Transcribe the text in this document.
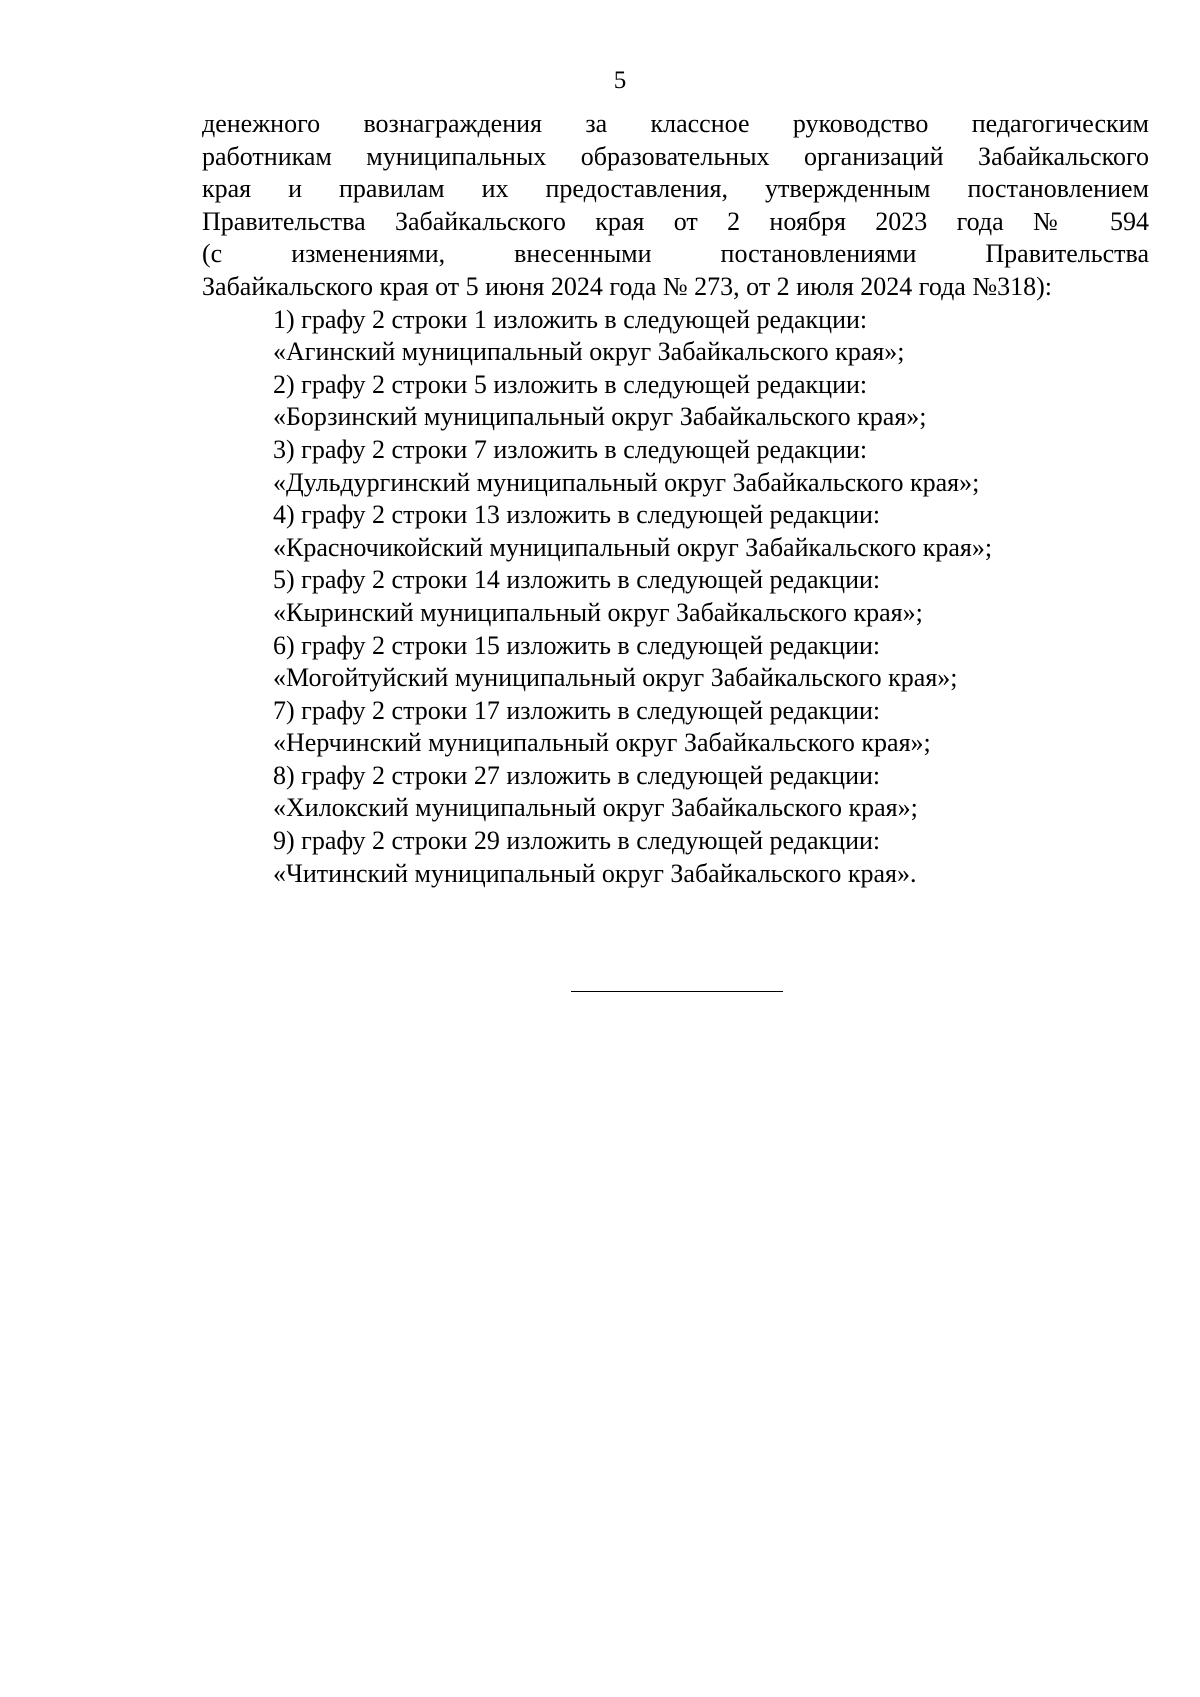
5
денежного вознаграждения за классное руководство педагогическим
работникам муниципальных образовательных организаций Забайкальского
края и правилам их предоставления, утвержденным постановлением
Правительства Забайкальского края от 2 ноября 2023 года № 594
(с изменениями, внесенными постановлениями Правительства
Забайкальского края от 5 июня 2024 года № 273, от 2 июля 2024 года №318):
1) графу 2 строки 1 изложить в следующей редакции:
«Агинский муниципальный округ Забайкальского края»;
2) графу 2 строки 5 изложить в следующей редакции:
«Борзинский муниципальный округ Забайкальского края»;
3) графу 2 строки 7 изложить в следующей редакции:
«Дульдургинский муниципальный округ Забайкальского края»;
4) графу 2 строки 13 изложить в следующей редакции:
«Красночикойский муниципальный округ Забайкальского края»;
5) графу 2 строки 14 изложить в следующей редакции:
«Кыринский муниципальный округ Забайкальского края»;
6) графу 2 строки 15 изложить в следующей редакции:
«Могойтуйский муниципальный округ Забайкальского края»;
7) графу 2 строки 17 изложить в следующей редакции:
«Нерчинский муниципальный округ Забайкальского края»;
8) графу 2 строки 27 изложить в следующей редакции:
«Хилокский муниципальный округ Забайкальского края»;
9) графу 2 строки 29 изложить в следующей редакции:
«Читинский муниципальный округ Забайкальского края».
